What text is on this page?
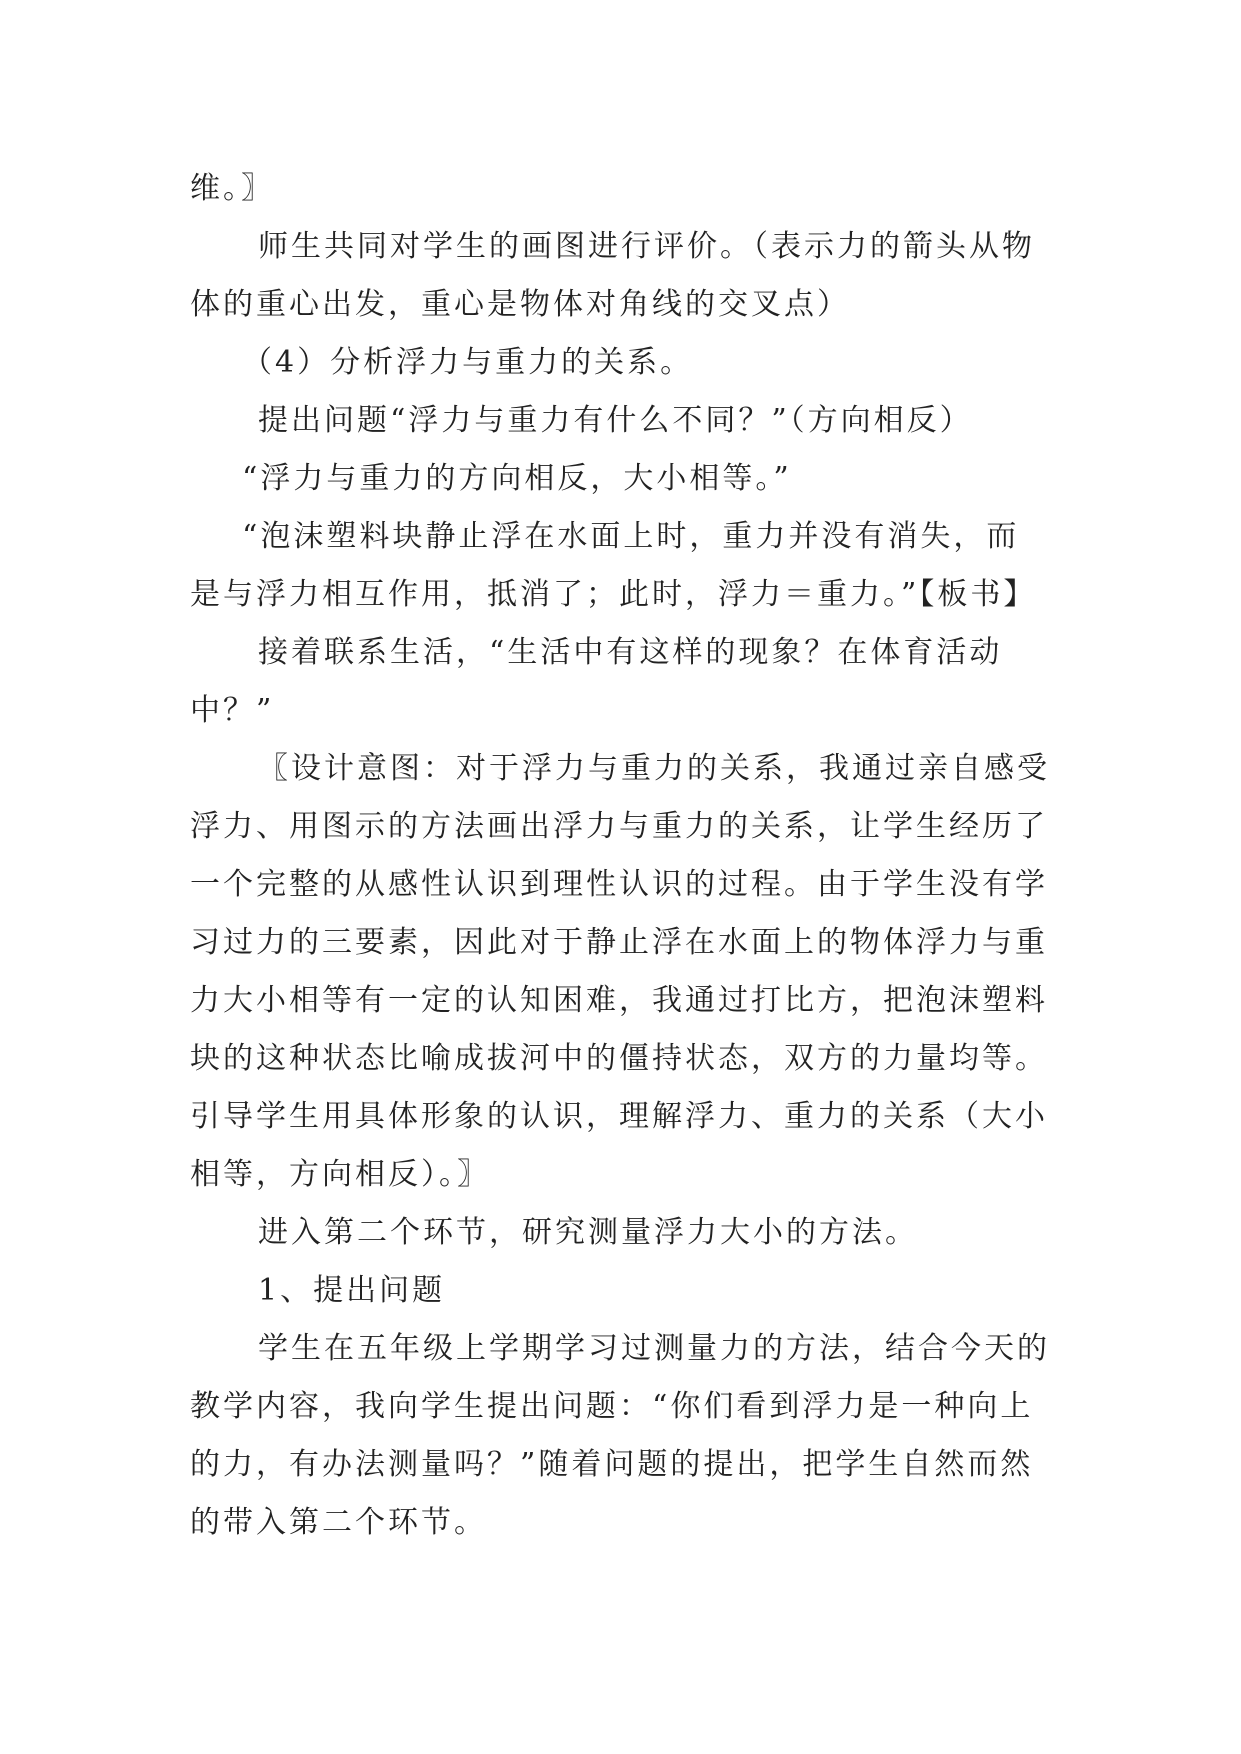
维。〗
师生共同对学生的画图进行评价。（表示力的箭头从物
体的重心出发，重心是物体对角线的交叉点）
（4）分析浮力与重力的关系。
提出问题“浮力与重力有什么不同？”（方向相反）
“浮力与重力的方向相反，大小相等。”
“泡沫塑料块静止浮在水面上时，重力并没有消失，而
是与浮力相互作用，抵消了；此时，浮力＝重力。”【板书】
接着联系生活，“生活中有这样的现象？在体育活动
中？”
〖设计意图：对于浮力与重力的关系，我通过亲自感受
浮力、用图示的方法画出浮力与重力的关系，让学生经历了
一个完整的从感性认识到理性认识的过程。由于学生没有学
习过力的三要素，因此对于静止浮在水面上的物体浮力与重
力大小相等有一定的认知困难，我通过打比方，把泡沫塑料
块的这种状态比喻成拔河中的僵持状态，双方的力量均等。
引导学生用具体形象的认识，理解浮力、重力的关系（大小
相等，方向相反）。〗
进入第二个环节，研究测量浮力大小的方法。
1、提出问题
学生在五年级上学期学习过测量力的方法，结合今天的
教学内容，我向学生提出问题：“你们看到浮力是一种向上
的力，有办法测量吗？”随着问题的提出，把学生自然而然
的带入第二个环节。
